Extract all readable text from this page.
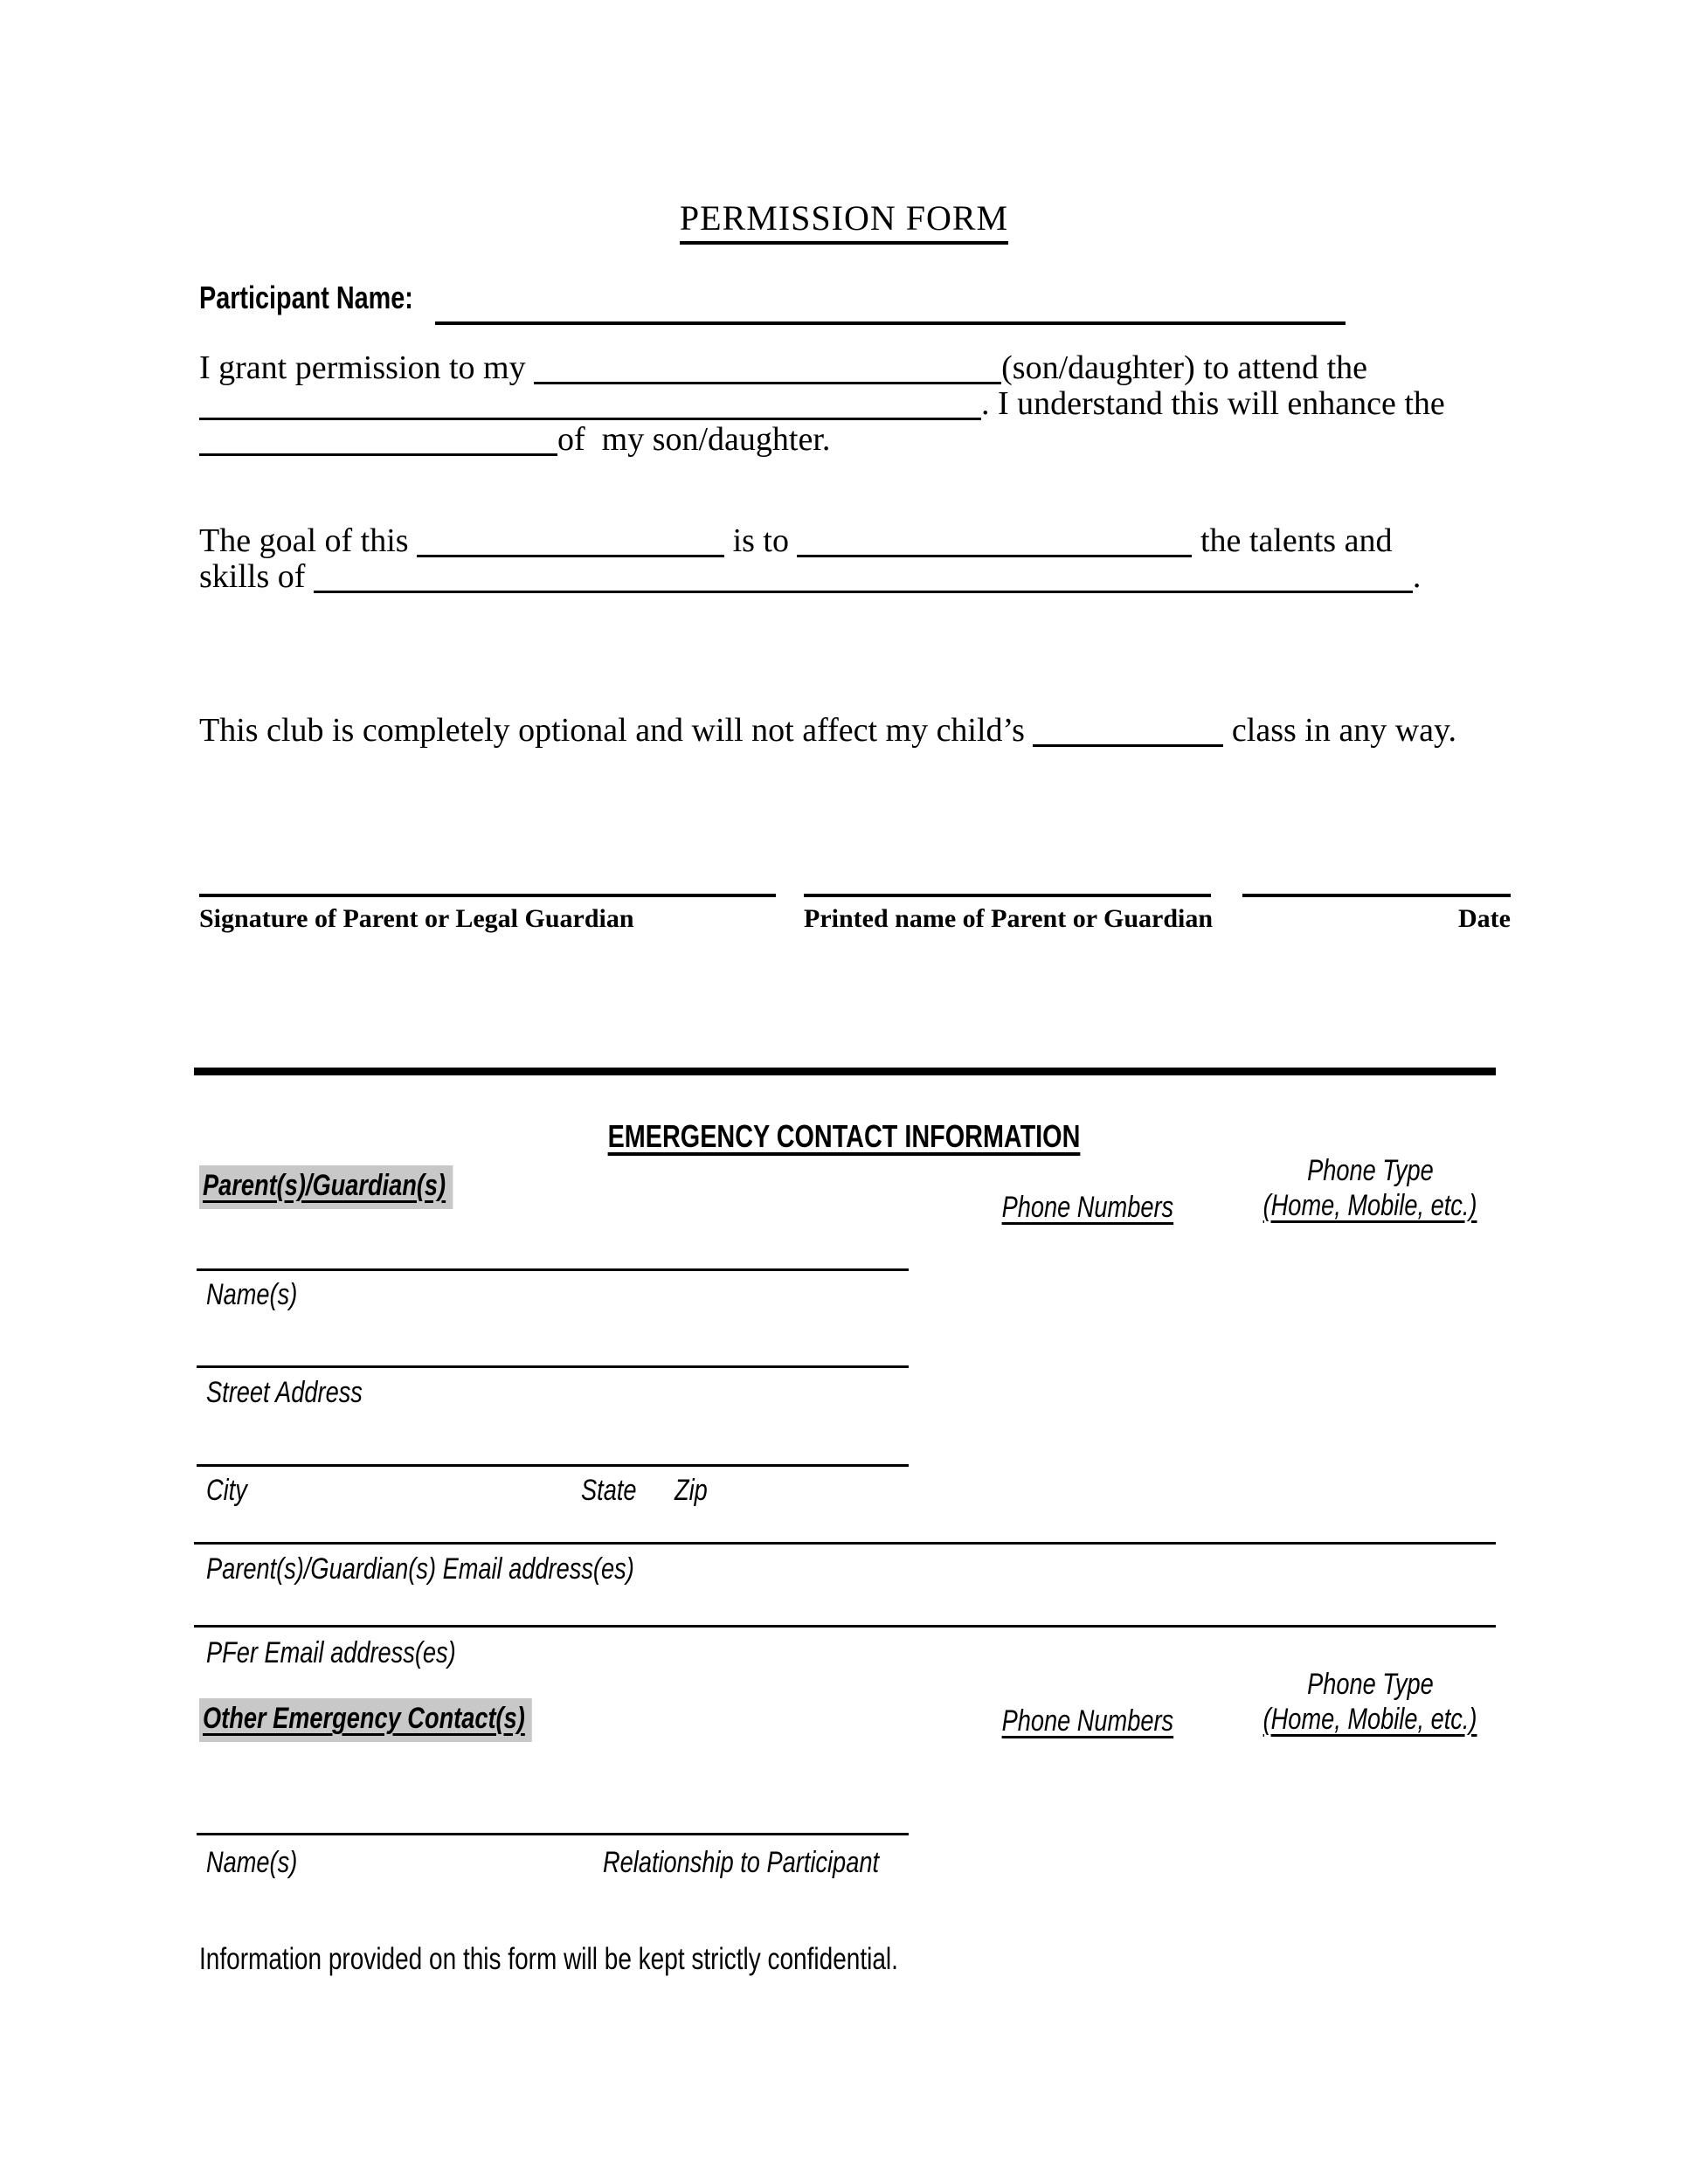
PERMISSION FORM
Participant Name:
I grant permission to my	(son/daughter) to attend the
. I understand this will enhance the
of  my son/daughter.
The goal of this	is to	the talents and
skills of	.
This club is completely optional and will not affect my child’s	class in any way.
Signature of Parent or Legal Guardian	Printed name of Parent or Guardian	Date
EMERGENCY CONTACT INFORMATION
Parent(s)/Guardian(s)
Phone Numbers
Phone Type
(Home, Mobile, etc.)
Name(s)
Street Address
City	State	Zip
Parent(s)/Guardian(s) Email address(es)
PFer Email address(es)
Other Emergency Contact(s)	Phone Numbers
Phone Type
(Home, Mobile, etc.)
Name(s)	Relationship to Participant
Information provided on this form will be kept strictly confidential.
